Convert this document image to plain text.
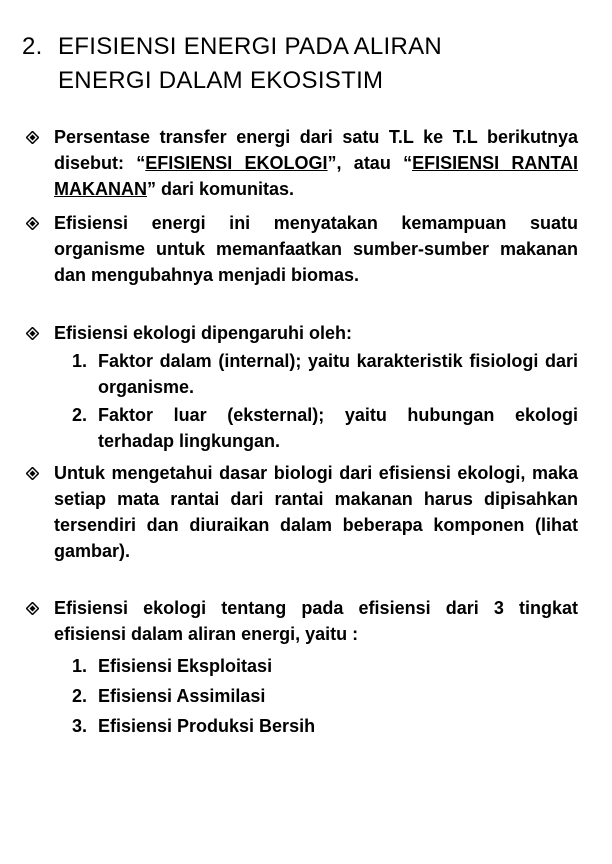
2. EFISIENSI ENERGI PADA ALIRAN
ENERGI DALAM EKOSISTIM
Persentase transfer energi dari satu T.L ke T.L berikutnya disebut: “EFISIENSI EKOLOGI”, atau “EFISIENSI RANTAI MAKANAN” dari komunitas.
Efisiensi energi ini menyatakan kemampuan suatu organisme untuk memanfaatkan sumber-sumber makanan dan mengubahnya menjadi biomas.
Efisiensi ekologi dipengaruhi oleh:
1. Faktor dalam (internal); yaitu karakteristik fisiologi dari organisme.
2. Faktor luar (eksternal); yaitu hubungan ekologi terhadap lingkungan.
Untuk mengetahui dasar biologi dari efisiensi ekologi, maka setiap mata rantai dari rantai makanan harus dipisahkan tersendiri dan diuraikan dalam beberapa komponen (lihat gambar).
Efisiensi ekologi tentang pada efisiensi dari 3 tingkat efisiensi dalam aliran energi, yaitu :
1. Efisiensi Eksploitasi
2. Efisiensi Assimilasi
3. Efisiensi Produksi Bersih
